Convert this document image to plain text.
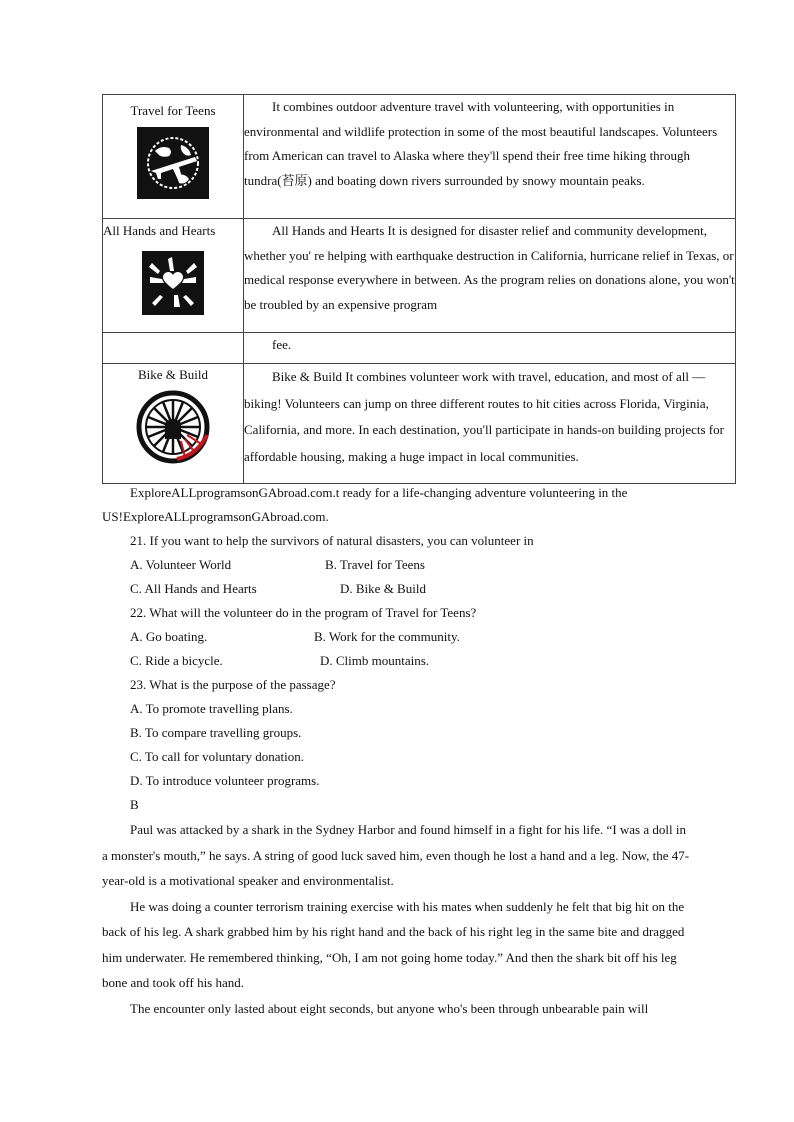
Travel for Teens	It combines outdoor adventure travel with volunteering, with opportunities in environmental and wildlife protection in some of the most beautiful landscapes. Volunteers from American can travel to Alaska where they'll spend their free time hiking through tundra(苔原) and boating down rivers surrounded by snowy mountain peaks.

All Hands and Hearts	All Hands and Hearts It is designed for disaster relief and community development, whether you' re helping with earthquake destruction in California, hurricane relief in Texas, or medical response everywhere in between. As the program relies on donations alone, you won't be troubled by an expensive program

	fee.

Bike & Build	Bike & Build It combines volunteer work with travel, education, and most of all — biking! Volunteers can jump on three different routes to hit cities across Florida, Virginia, California, and more. In each destination, you'll participate in hands-on building projects for affordable housing, making a huge impact in local communities.

ExploreALLprogramsonGAbroad.com.t ready for a life-changing adventure volunteering in the US!ExploreALLprogramsonGAbroad.com.

21. If you want to help the survivors of natural disasters, you can volunteer in

A. Volunteer World	B. Travel for Teens
C. All Hands and Hearts	D. Bike & Build

22. What will the volunteer do in the program of Travel for Teens?

A. Go boating.	B. Work for the community.
C. Ride a bicycle.	D. Climb mountains.

23. What is the purpose of the passage?

A. To promote travelling plans.
B. To compare travelling groups.
C. To call for voluntary donation.
D. To introduce volunteer programs.

B

Paul was attacked by a shark in the Sydney Harbor and found himself in a fight for his life. “I was a doll in a monster's mouth,” he says. A string of good luck saved him, even though he lost a hand and a leg. Now, the 47-year-old is a motivational speaker and environmentalist.

He was doing a counter terrorism training exercise with his mates when suddenly he felt that big hit on the back of his leg. A shark grabbed him by his right hand and the back of his right leg in the same bite and dragged him underwater. He remembered thinking, “Oh, I am not going home today.” And then the shark bit off his leg bone and took off his hand.

The encounter only lasted about eight seconds, but anyone who's been through unbearable pain will
